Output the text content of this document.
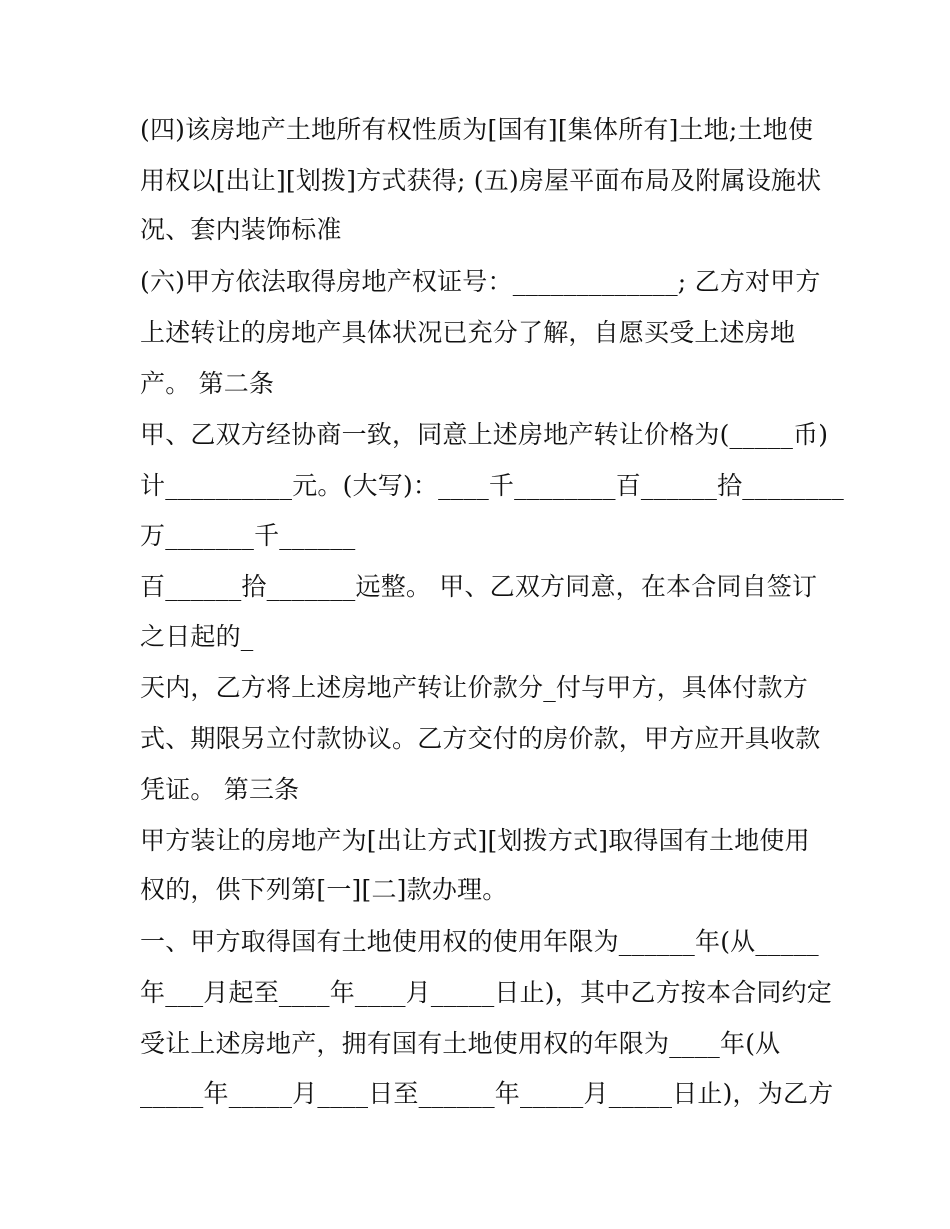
(四)该房地产土地所有权性质为[国有][集体所有]土地;土地使
用权以[出让][划拨]方式获得; (五)房屋平面布局及附属设施状
况、套内装饰标准
(六)甲方依法取得房地产权证号：_____________; 乙方对甲方
上述转让的房地产具体状况已充分了解，自愿买受上述房地
产。 第二条
甲、乙双方经协商一致，同意上述房地产转让价格为(_____币)
计__________元。(大写)：____千________百______拾________
万_______千______
百______拾_______远整。 甲、乙双方同意，在本合同自签订
之日起的_
天内，乙方将上述房地产转让价款分_付与甲方，具体付款方
式、期限另立付款协议。乙方交付的房价款，甲方应开具收款
凭证。 第三条
甲方装让的房地产为[出让方式][划拨方式]取得国有土地使用
权的，供下列第[一][二]款办理。
一、甲方取得国有土地使用权的使用年限为______年(从_____
年___月起至____年____月_____日止)，其中乙方按本合同约定
受让上述房地产，拥有国有土地使用权的年限为____年(从
_____年_____月____日至______年_____月_____日止)，为乙方
